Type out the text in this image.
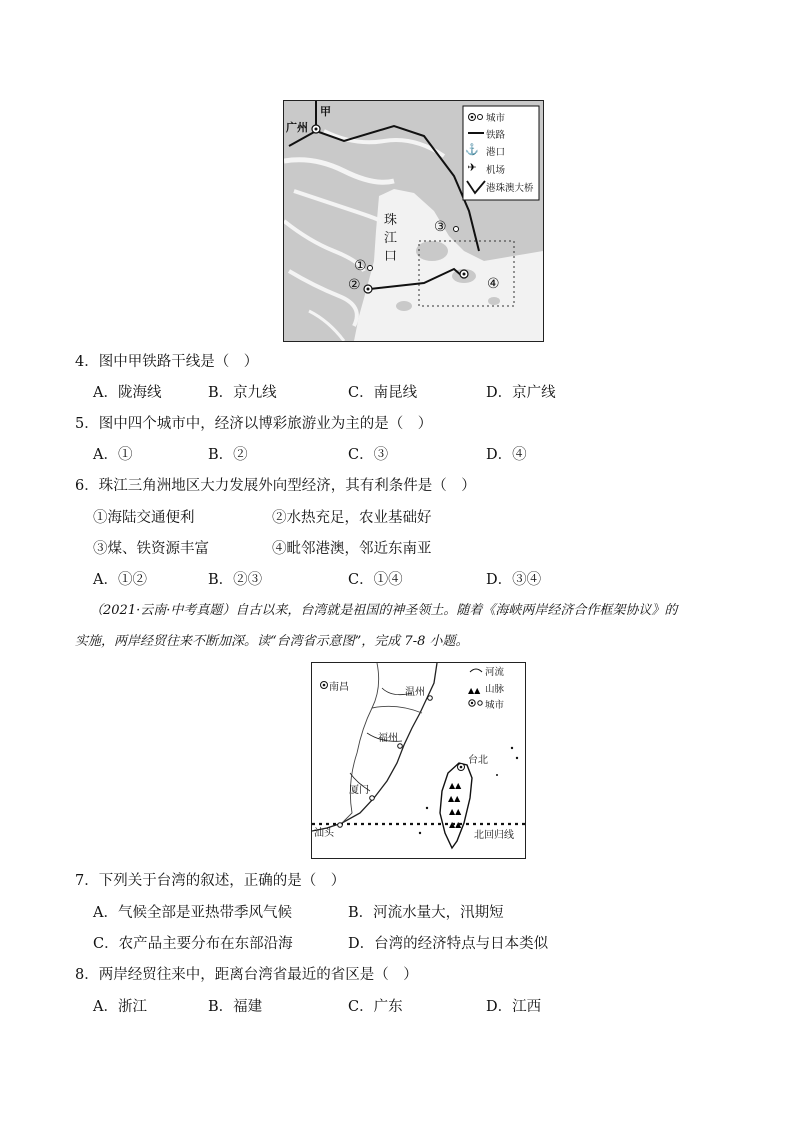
⚓
✈
甲
广州
珠
江
口
①
②
③
④
城市
铁路
港口
机场
港珠澳大桥
4．图中甲铁路干线是（　）
A．陇海线	B．京九线	C．南昆线	D．京广线
5．图中四个城市中，经济以博彩旅游业为主的是（　）
A．①	B．②	C．③	D．④
6．珠江三角洲地区大力发展外向型经济，其有利条件是（　）
①海陆交通便利	②水热充足，农业基础好
③煤、铁资源丰富	④毗邻港澳，邻近东南亚
A．①②	B．②③	C．①④	D．③④
（2021·云南·中考真题）自古以来，台湾就是祖国的神圣领土。随着《海峡两岸经济合作框架协议》的
实施，两岸经贸往来不断加深。读“台湾省示意图”，完成 7-8 小题。
▲▲
▲▲
▲▲
▲▲
▲▲
南昌	温州
福州
厦门
汕头
台北
北回归线
河流
山脉
城市
7．下列关于台湾的叙述，正确的是（　）
A．气候全部是亚热带季风气候	B．河流水量大，汛期短
C．农产品主要分布在东部沿海	D．台湾的经济特点与日本类似
8．两岸经贸往来中，距离台湾省最近的省区是（　）
A．浙江	B．福建	C．广东	D．江西
